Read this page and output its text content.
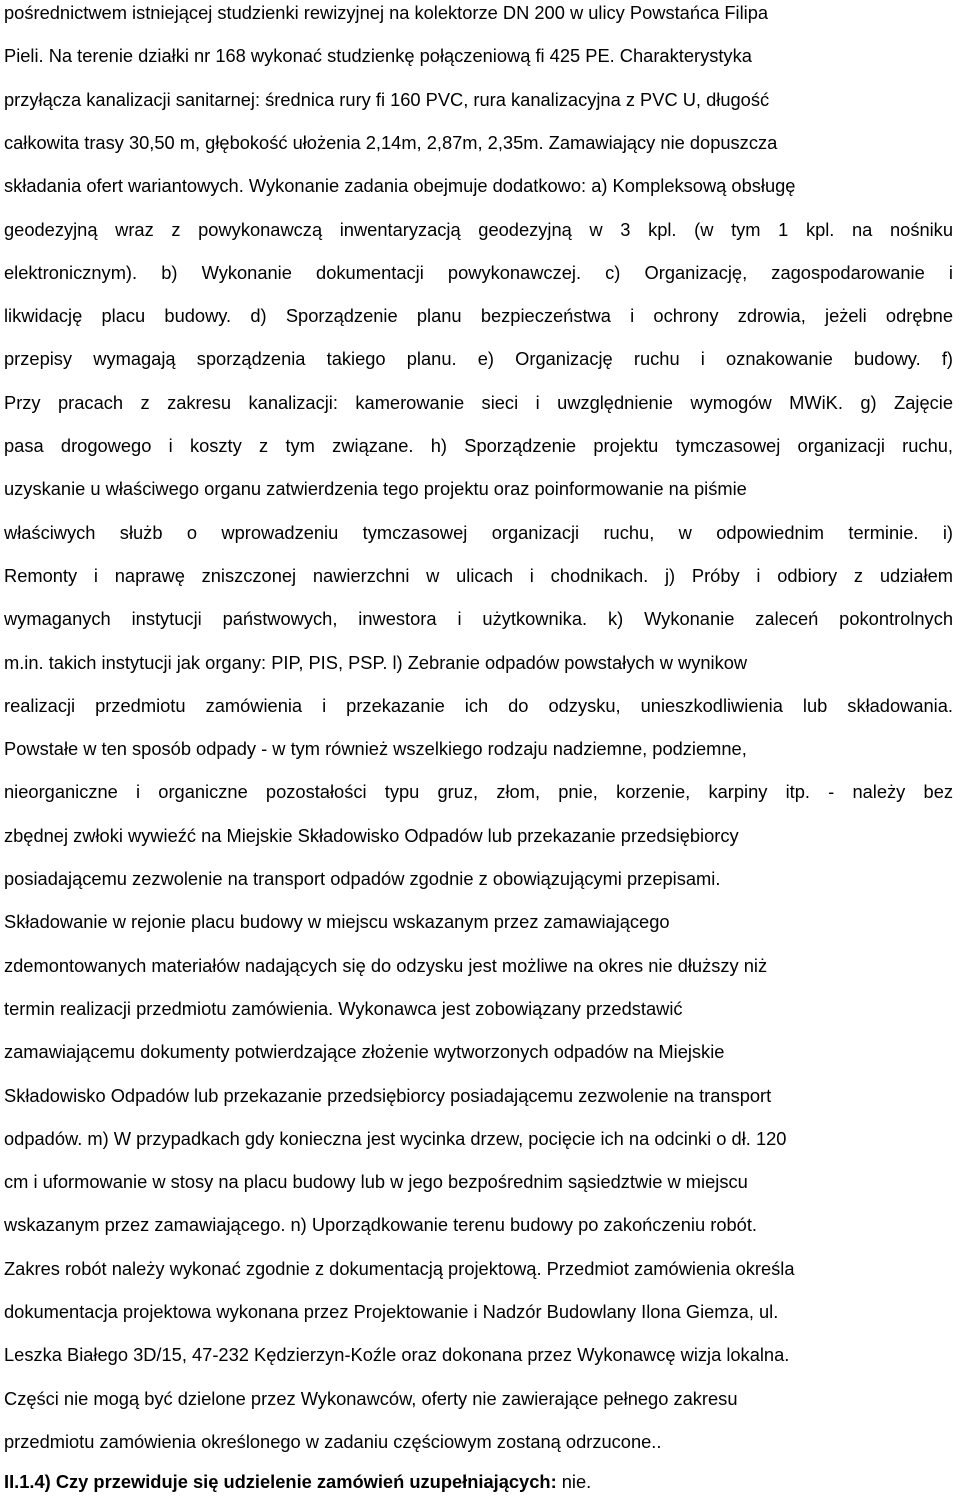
pośrednictwem istniejącej studzienki rewizyjnej na kolektorze DN 200 w ulicy Powstańca Filipa
Pieli. Na terenie działki nr 168 wykonać studzienkę połączeniową fi 425 PE. Charakterystyka
przyłącza kanalizacji sanitarnej: średnica rury fi 160 PVC, rura kanalizacyjna z PVC U, długość
całkowita trasy 30,50 m, głębokość ułożenia 2,14m, 2,87m, 2,35m. Zamawiający nie dopuszcza
składania ofert wariantowych. Wykonanie zadania obejmuje dodatkowo: a) Kompleksową obsługę
geodezyjną wraz z powykonawczą inwentaryzacją geodezyjną w 3 kpl. (w tym 1 kpl. na nośniku
elektronicznym). b) Wykonanie dokumentacji powykonawczej. c) Organizację, zagospodarowanie i
likwidację placu budowy. d) Sporządzenie planu bezpieczeństwa i ochrony zdrowia, jeżeli odrębne
przepisy wymagają sporządzenia takiego planu. e) Organizację ruchu i oznakowanie budowy. f)
Przy pracach z zakresu kanalizacji: kamerowanie sieci i uwzględnienie wymogów MWiK. g) Zajęcie
pasa drogowego i koszty z tym związane. h) Sporządzenie projektu tymczasowej organizacji ruchu,
uzyskanie u właściwego organu zatwierdzenia tego projektu oraz poinformowanie na piśmie
właściwych służb o wprowadzeniu tymczasowej organizacji ruchu, w odpowiednim terminie. i)
Remonty i naprawę zniszczonej nawierzchni w ulicach i chodnikach. j) Próby i odbiory z udziałem
wymaganych instytucji państwowych, inwestora i użytkownika. k) Wykonanie zaleceń pokontrolnych
m.in. takich instytucji jak organy: PIP, PIS, PSP. l) Zebranie odpadów powstałych w wynikow
realizacji przedmiotu zamówienia i przekazanie ich do odzysku, unieszkodliwienia lub składowania.
Powstałe w ten sposób odpady - w tym również wszelkiego rodzaju nadziemne, podziemne,
nieorganiczne i organiczne pozostałości typu gruz, złom, pnie, korzenie, karpiny itp. - należy bez
zbędnej zwłoki wywieźć na Miejskie Składowisko Odpadów lub przekazanie przedsiębiorcy
posiadającemu zezwolenie na transport odpadów zgodnie z obowiązującymi przepisami.
Składowanie w rejonie placu budowy w miejscu wskazanym przez zamawiającego
zdemontowanych materiałów nadających się do odzysku jest możliwe na okres nie dłuższy niż
termin realizacji przedmiotu zamówienia. Wykonawca jest zobowiązany przedstawić
zamawiającemu dokumenty potwierdzające złożenie wytworzonych odpadów na Miejskie
Składowisko Odpadów lub przekazanie przedsiębiorcy posiadającemu zezwolenie na transport
odpadów. m) W przypadkach gdy konieczna jest wycinka drzew, pocięcie ich na odcinki o dł. 120
cm i uformowanie w stosy na placu budowy lub w jego bezpośrednim sąsiedztwie w miejscu
wskazanym przez zamawiającego. n) Uporządkowanie terenu budowy po zakończeniu robót.
Zakres robót należy wykonać zgodnie z dokumentacją projektową. Przedmiot zamówienia określa
dokumentacja projektowa wykonana przez Projektowanie i Nadzór Budowlany Ilona Giemza, ul.
Leszka Białego 3D/15, 47-232 Kędzierzyn-Koźle oraz dokonana przez Wykonawcę wizja lokalna.
Części nie mogą być dzielone przez Wykonawców, oferty nie zawierające pełnego zakresu
przedmiotu zamówienia określonego w zadaniu częściowym zostaną odrzucone..
II.1.4) Czy przewiduje się udzielenie zamówień uzupełniających: nie.
